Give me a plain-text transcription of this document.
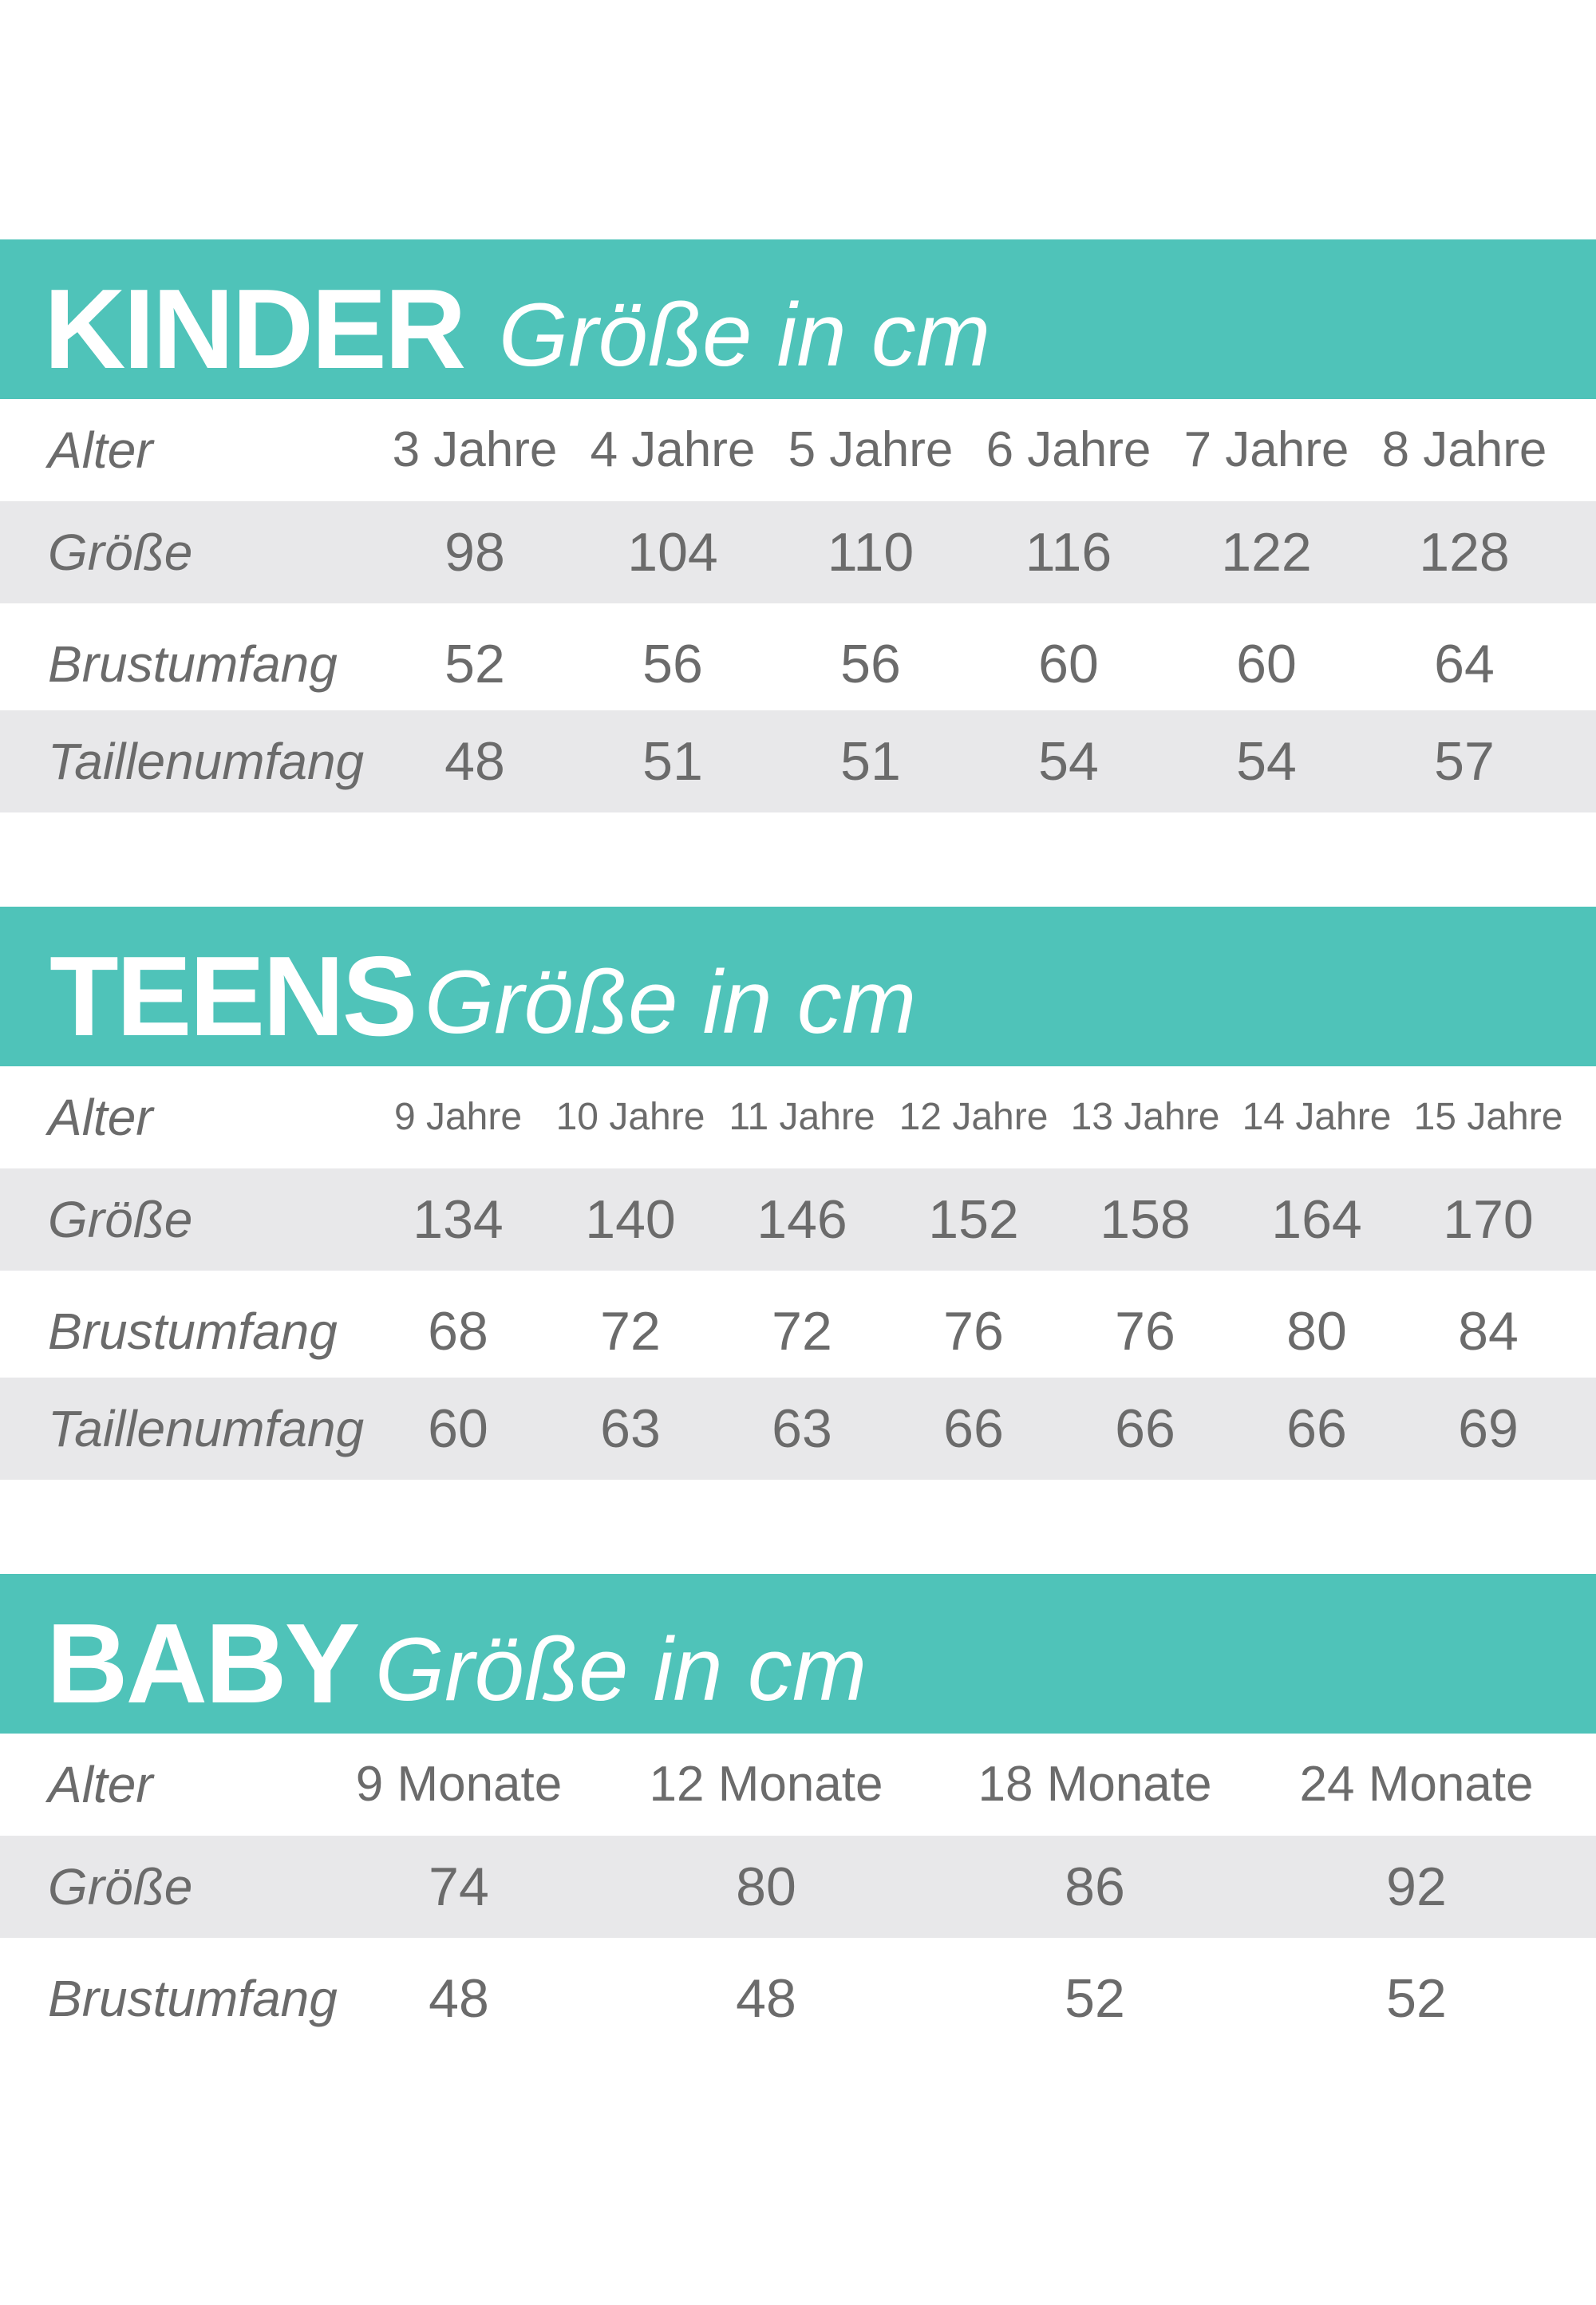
KINDER Größe in cm
Alter	3 Jahre 4 Jahre 5 Jahre 6 Jahre 7 Jahre 8 Jahre
Größe	98	104	110	116	122	128
Brustumfang	52	56	56	60	60	64
Taillenumfang	48	51	51	54	54	57
TEENS Größe in cm
Alter	9 Jahre 10 Jahre 11 Jahre 12 Jahre 13 Jahre 14 Jahre 15 Jahre
Größe	134	140	146	152	158	164	170
Brustumfang	68	72	72	76	76	80	84
Taillenumfang	60	63	63	66	66	66	69
BABY Größe in cm
Alter	9 Monate	12 Monate 18 Monate 24 Monate
Größe	74	80	86	92
Brustumfang	48	48	52	52
